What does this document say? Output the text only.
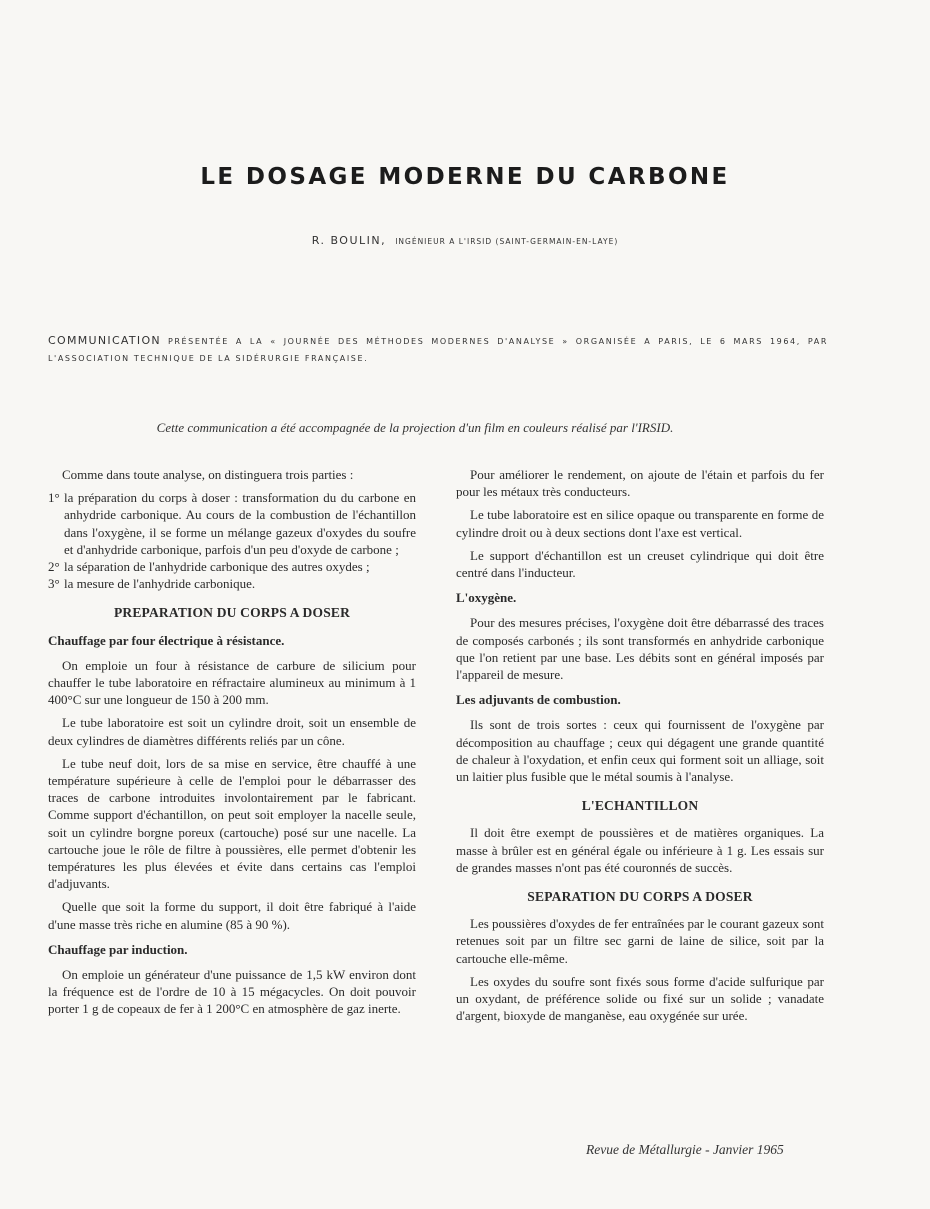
LE DOSAGE MODERNE DU CARBONE
R. BOULIN, INGÉNIEUR A L'IRSID (SAINT-GERMAIN-EN-LAYE)

COMMUNICATION PRÉSENTÉE A LA « JOURNÉE DES MÉTHODES MODERNES D'ANALYSE » ORGANISÉE A PARIS, LE 6 MARS 1964, PAR L'ASSOCIATION TECHNIQUE DE LA SIDÉRURGIE FRANÇAISE.

Cette communication a été accompagnée de la projection d'un film en couleurs réalisé par l'IRSID.

Comme dans toute analyse, on distinguera trois parties :

1° la préparation du corps à doser : transformation du du carbone en anhydride carbonique. Au cours de la combustion de l'échantillon dans l'oxygène, il se forme un mélange gazeux d'oxydes du soufre et d'anhydride carbonique, parfois d'un peu d'oxyde de carbone ;
2° la séparation de l'anhydride carbonique des autres oxydes ;
3° la mesure de l'anhydride carbonique.
PREPARATION DU CORPS A DOSER
Chauffage par four électrique à résistance.

On emploie un four à résistance de carbure de silicium pour chauffer le tube laboratoire en réfractaire alumineux au minimum à 1 400°C sur une longueur de 150 à 200 mm.

Le tube laboratoire est soit un cylindre droit, soit un ensemble de deux cylindres de diamètres différents reliés par un cône.

Le tube neuf doit, lors de sa mise en service, être chauffé à une température supérieure à celle de l'emploi pour le débarrasser des traces de carbone introduites involontairement par le fabricant. Comme support d'échantillon, on peut soit employer la nacelle seule, soit un cylindre borgne poreux (cartouche) posé sur une nacelle. La cartouche joue le rôle de filtre à poussières, elle permet d'obtenir les températures les plus élevées et évite dans certains cas l'emploi d'adjuvants.

Quelle que soit la forme du support, il doit être fabriqué à l'aide d'une masse très riche en alumine (85 à 90 %).

Chauffage par induction.

On emploie un générateur d'une puissance de 1,5 kW environ dont la fréquence est de l'ordre de 10 à 15 mégacycles. On doit pouvoir porter 1 g de copeaux de fer à 1 200°C en atmosphère de gaz inerte.

Pour améliorer le rendement, on ajoute de l'étain et parfois du fer pour les métaux très conducteurs.

Le tube laboratoire est en silice opaque ou transparente en forme de cylindre droit ou à deux sections dont l'axe est vertical.

Le support d'échantillon est un creuset cylindrique qui doit être centré dans l'inducteur.

L'oxygène.

Pour des mesures précises, l'oxygène doit être débarrassé des traces de composés carbonés ; ils sont transformés en anhydride carbonique que l'on retient par une base. Les débits sont en général imposés par l'appareil de mesure.

Les adjuvants de combustion.

Ils sont de trois sortes : ceux qui fournissent de l'oxygène par décomposition au chauffage ; ceux qui dégagent une grande quantité de chaleur à l'oxydation, et enfin ceux qui forment soit un alliage, soit un laitier plus fusible que le métal soumis à l'analyse.

L'ECHANTILLON

Il doit être exempt de poussières et de matières organiques. La masse à brûler est en général égale ou inférieure à 1 g. Les essais sur de grandes masses n'ont pas été couronnés de succès.

SEPARATION DU CORPS A DOSER

Les poussières d'oxydes de fer entraînées par le courant gazeux sont retenues soit par un filtre sec garni de laine de silice, soit par la cartouche elle-même.

Les oxydes du soufre sont fixés sous forme d'acide sulfurique par un oxydant, de préférence solide ou fixé sur un solide ; vanadate d'argent, bioxyde de manganèse, eau oxygénée sur urée.

Revue de Métallurgie - Janvier 1965
